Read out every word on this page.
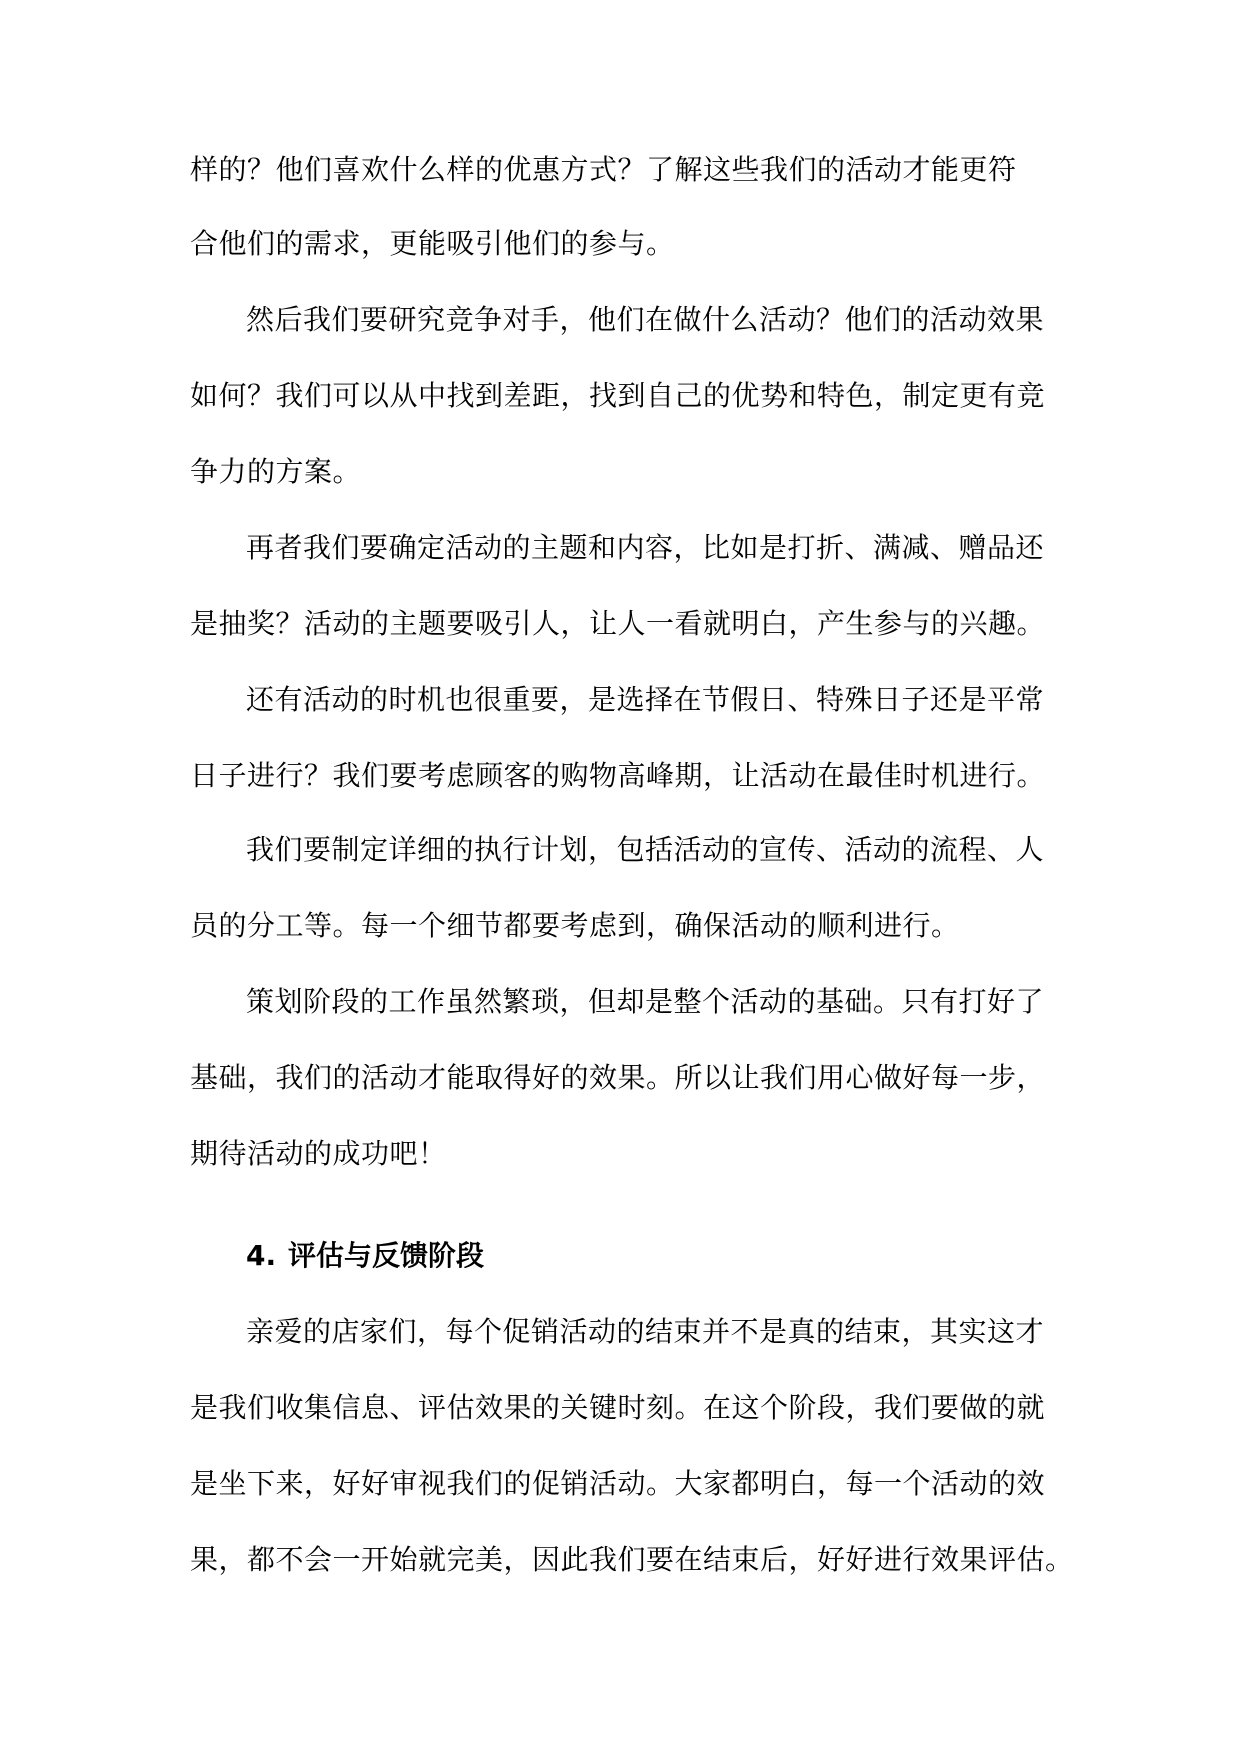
样的？他们喜欢什么样的优惠方式？了解这些我们的活动才能更符
合他们的需求，更能吸引他们的参与。
然后我们要研究竞争对手，他们在做什么活动？他们的活动效果
如何？我们可以从中找到差距，找到自己的优势和特色，制定更有竞
争力的方案。
再者我们要确定活动的主题和内容，比如是打折、满减、赠品还
是抽奖？活动的主题要吸引人，让人一看就明白，产生参与的兴趣。
还有活动的时机也很重要，是选择在节假日、特殊日子还是平常
日子进行？我们要考虑顾客的购物高峰期，让活动在最佳时机进行。
我们要制定详细的执行计划，包括活动的宣传、活动的流程、人
员的分工等。每一个细节都要考虑到，确保活动的顺利进行。
策划阶段的工作虽然繁琐，但却是整个活动的基础。只有打好了
基础，我们的活动才能取得好的效果。所以让我们用心做好每一步，
期待活动的成功吧！
4. 评估与反馈阶段
亲爱的店家们，每个促销活动的结束并不是真的结束，其实这才
是我们收集信息、评估效果的关键时刻。在这个阶段，我们要做的就
是坐下来，好好审视我们的促销活动。大家都明白，每一个活动的效
果，都不会一开始就完美，因此我们要在结束后，好好进行效果评估。
